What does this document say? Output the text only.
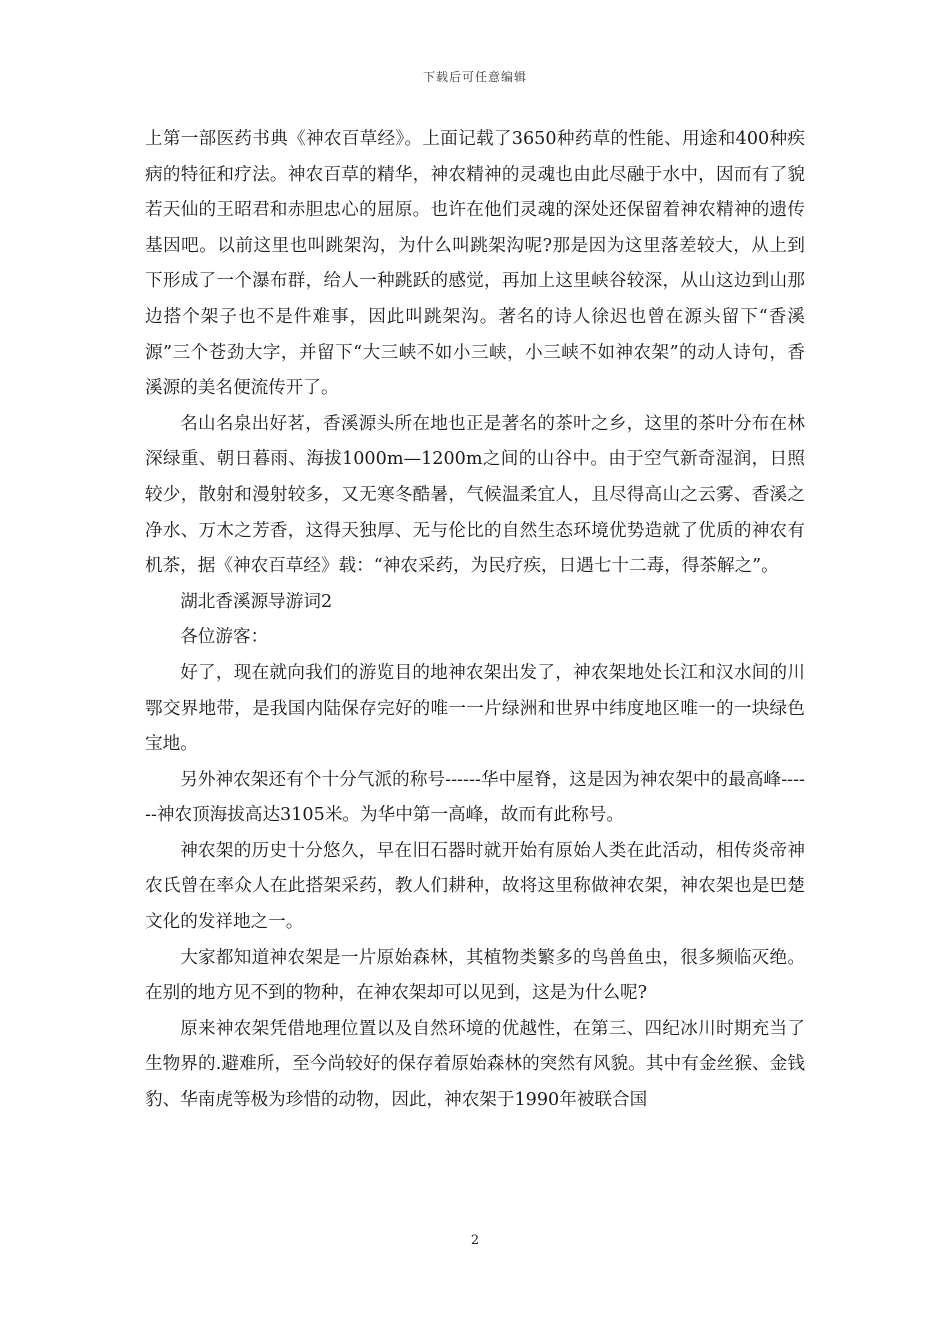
下载后可任意编辑

上第一部医药书典《神农百草经》。上面记载了3650种药草的性能、用途和400种疾病的特征和疗法。神农百草的精华，神农精神的灵魂也由此尽融于水中，因而有了貌若天仙的王昭君和赤胆忠心的屈原。也许在他们灵魂的深处还保留着神农精神的遗传基因吧。以前这里也叫跳架沟，为什么叫跳架沟呢?那是因为这里落差较大，从上到下形成了一个瀑布群，给人一种跳跃的感觉，再加上这里峡谷较深，从山这边到山那边搭个架子也不是件难事，因此叫跳架沟。著名的诗人徐迟也曾在源头留下“香溪源”三个苍劲大字，并留下“大三峡不如小三峡，小三峡不如神农架”的动人诗句，香溪源的美名便流传开了。

名山名泉出好茗，香溪源头所在地也正是著名的茶叶之乡，这里的茶叶分布在林深绿重、朝日暮雨、海拔1000m—1200m之间的山谷中。由于空气新奇湿润，日照较少，散射和漫射较多，又无寒冬酷暑，气候温柔宜人，且尽得高山之云雾、香溪之净水、万木之芳香，这得天独厚、无与伦比的自然生态环境优势造就了优质的神农有机茶，据《神农百草经》载：“神农采药，为民疗疾，日遇七十二毒，得茶解之”。

湖北香溪源导游词2

各位游客：

好了，现在就向我们的游览目的地神农架出发了，神农架地处长江和汉水间的川鄂交界地带，是我国内陆保存完好的唯一一片绿洲和世界中纬度地区唯一的一块绿色宝地。

另外神农架还有个十分气派的称号------华中屋脊，这是因为神农架中的最高峰------神农顶海拔高达3105米。为华中第一高峰，故而有此称号。

神农架的历史十分悠久，早在旧石器时就开始有原始人类在此活动，相传炎帝神农氏曾在率众人在此搭架采药，教人们耕种，故将这里称做神农架，神农架也是巴楚文化的发祥地之一。

大家都知道神农架是一片原始森林，其植物类繁多的鸟兽鱼虫，很多频临灭绝。在别的地方见不到的物种，在神农架却可以见到，这是为什么呢?

原来神农架凭借地理位置以及自然环境的优越性，在第三、四纪冰川时期充当了生物界的.避难所，至今尚较好的保存着原始森林的突然有风貌。其中有金丝猴、金钱豹、华南虎等极为珍惜的动物，因此，神农架于1990年被联合国

2
